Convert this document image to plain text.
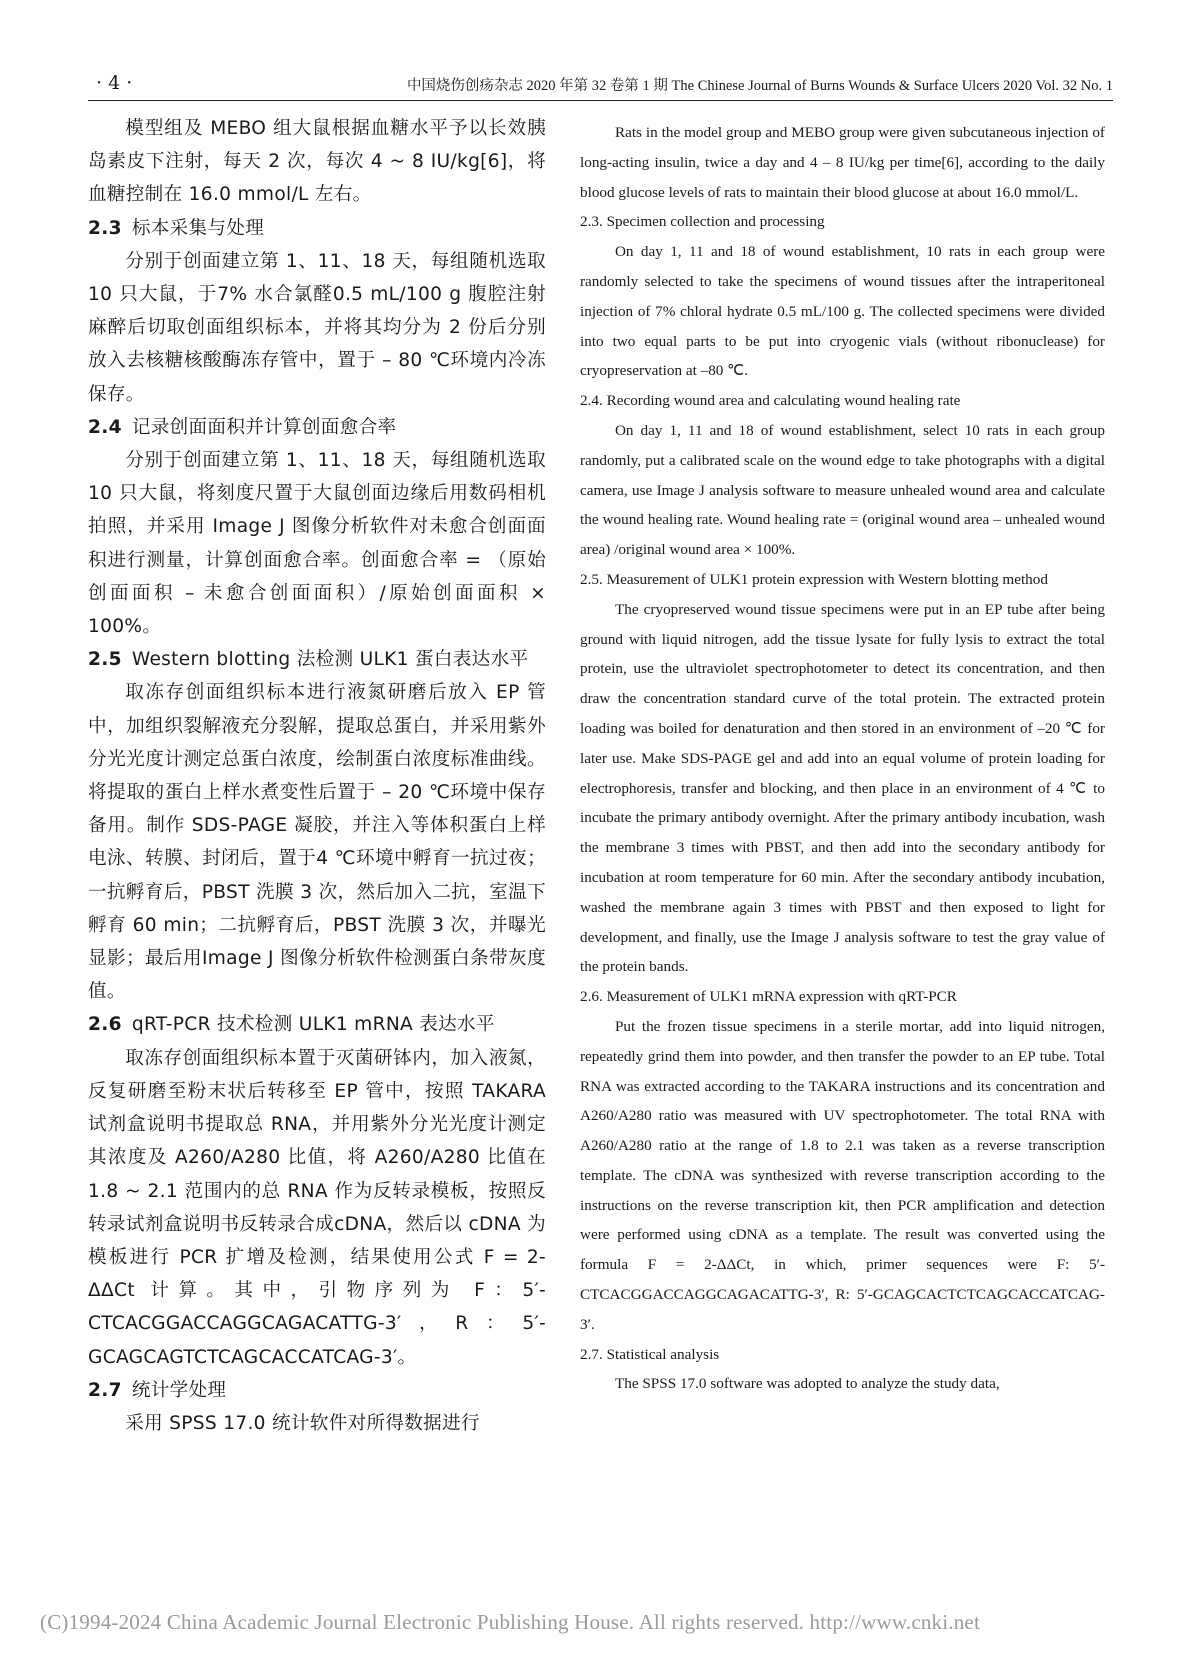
· 4 ·	中国烧伤创疡杂志 2020 年第 32 卷第 1 期 The Chinese Journal of Burns Wounds & Surface Ulcers 2020 Vol. 32 No. 1

模型组及 MEBO 组大鼠根据血糖水平予以长效胰岛素皮下注射，每天 2 次，每次 4 ~ 8 IU/kg[6]，将血糖控制在 16.0 mmol/L 左右。

2.3 标本采集与处理

分别于创面建立第 1、11、18 天，每组随机选取 10 只大鼠，于7% 水合氯醛0.5 mL/100 g 腹腔注射麻醉后切取创面组织标本，并将其均分为 2 份后分别放入去核糖核酸酶冻存管中，置于 – 80 ℃环境内冷冻保存。

2.4 记录创面面积并计算创面愈合率

分别于创面建立第 1、11、18 天，每组随机选取 10 只大鼠，将刻度尺置于大鼠创面边缘后用数码相机拍照，并采用 Image J 图像分析软件对未愈合创面面积进行测量，计算创面愈合率。创面愈合率 = （原始创面面积 – 未愈合创面面积）/原始创面面积 × 100%。

2.5 Western blotting 法检测 ULK1 蛋白表达水平

取冻存创面组织标本进行液氮研磨后放入 EP 管中，加组织裂解液充分裂解，提取总蛋白，并采用紫外分光光度计测定总蛋白浓度，绘制蛋白浓度标准曲线。将提取的蛋白上样水煮变性后置于 – 20 ℃环境中保存备用。制作 SDS-PAGE 凝胶，并注入等体积蛋白上样电泳、转膜、封闭后，置于4 ℃环境中孵育一抗过夜；一抗孵育后，PBST 洗膜 3 次，然后加入二抗，室温下孵育 60 min；二抗孵育后，PBST 洗膜 3 次，并曝光显影；最后用Image J 图像分析软件检测蛋白条带灰度值。

2.6 qRT-PCR 技术检测 ULK1 mRNA 表达水平

取冻存创面组织标本置于灭菌研钵内，加入液氮，反复研磨至粉末状后转移至 EP 管中，按照 TAKARA 试剂盒说明书提取总 RNA，并用紫外分光光度计测定其浓度及 A260/A280 比值，将 A260/A280 比值在 1.8 ~ 2.1 范围内的总 RNA 作为反转录模板，按照反转录试剂盒说明书反转录合成cDNA，然后以 cDNA 为模板进行 PCR 扩增及检测，结果使用公式 F = 2-ΔΔCt 计算。其中，引物序列为 F：5′-CTCACGGACCAGGCAGACATTG-3′，R：5′-GCAGCAGTCTCAGCACCATCAG-3′。

2.7 统计学处理

采用 SPSS 17.0 统计软件对所得数据进行

Rats in the model group and MEBO group were given subcutaneous injection of long-acting insulin, twice a day and 4 – 8 IU/kg per time[6], according to the daily blood glucose levels of rats to maintain their blood glucose at about 16.0 mmol/L.

2.3. Specimen collection and processing

On day 1, 11 and 18 of wound establishment, 10 rats in each group were randomly selected to take the specimens of wound tissues after the intraperitoneal injection of 7% chloral hydrate 0.5 mL/100 g. The collected specimens were divided into two equal parts to be put into cryogenic vials (without ribonuclease) for cryopreservation at –80 ℃.

2.4. Recording wound area and calculating wound healing rate

On day 1, 11 and 18 of wound establishment, select 10 rats in each group randomly, put a calibrated scale on the wound edge to take photographs with a digital camera, use Image J analysis software to measure unhealed wound area and calculate the wound healing rate. Wound healing rate = (original wound area – unhealed wound area) /original wound area × 100%.

2.5. Measurement of ULK1 protein expression with Western blotting method

The cryopreserved wound tissue specimens were put in an EP tube after being ground with liquid nitrogen, add the tissue lysate for fully lysis to extract the total protein, use the ultraviolet spectrophotometer to detect its concentration, and then draw the concentration standard curve of the total protein. The extracted protein loading was boiled for denaturation and then stored in an environment of –20 ℃ for later use. Make SDS-PAGE gel and add into an equal volume of protein loading for electrophoresis, transfer and blocking, and then place in an environment of 4 ℃ to incubate the primary antibody overnight. After the primary antibody incubation, wash the membrane 3 times with PBST, and then add into the secondary antibody for incubation at room temperature for 60 min. After the secondary antibody incubation, washed the membrane again 3 times with PBST and then exposed to light for development, and finally, use the Image J analysis software to test the gray value of the protein bands.

2.6. Measurement of ULK1 mRNA expression with qRT-PCR

Put the frozen tissue specimens in a sterile mortar, add into liquid nitrogen, repeatedly grind them into powder, and then transfer the powder to an EP tube. Total RNA was extracted according to the TAKARA instructions and its concentration and A260/A280 ratio was measured with UV spectrophotometer. The total RNA with A260/A280 ratio at the range of 1.8 to 2.1 was taken as a reverse transcription template. The cDNA was synthesized with reverse transcription according to the instructions on the reverse transcription kit, then PCR amplification and detection were performed using cDNA as a template. The result was converted using the formula F = 2-ΔΔCt, in which, primer sequences were F: 5′-CTCACGGACCAGGCAGACATTG-3′, R: 5′-GCAGCACTCTCAGCACCATCAG-3′.

2.7. Statistical analysis

The SPSS 17.0 software was adopted to analyze the study data,

(C)1994-2024 China Academic Journal Electronic Publishing House. All rights reserved. http://www.cnki.net
